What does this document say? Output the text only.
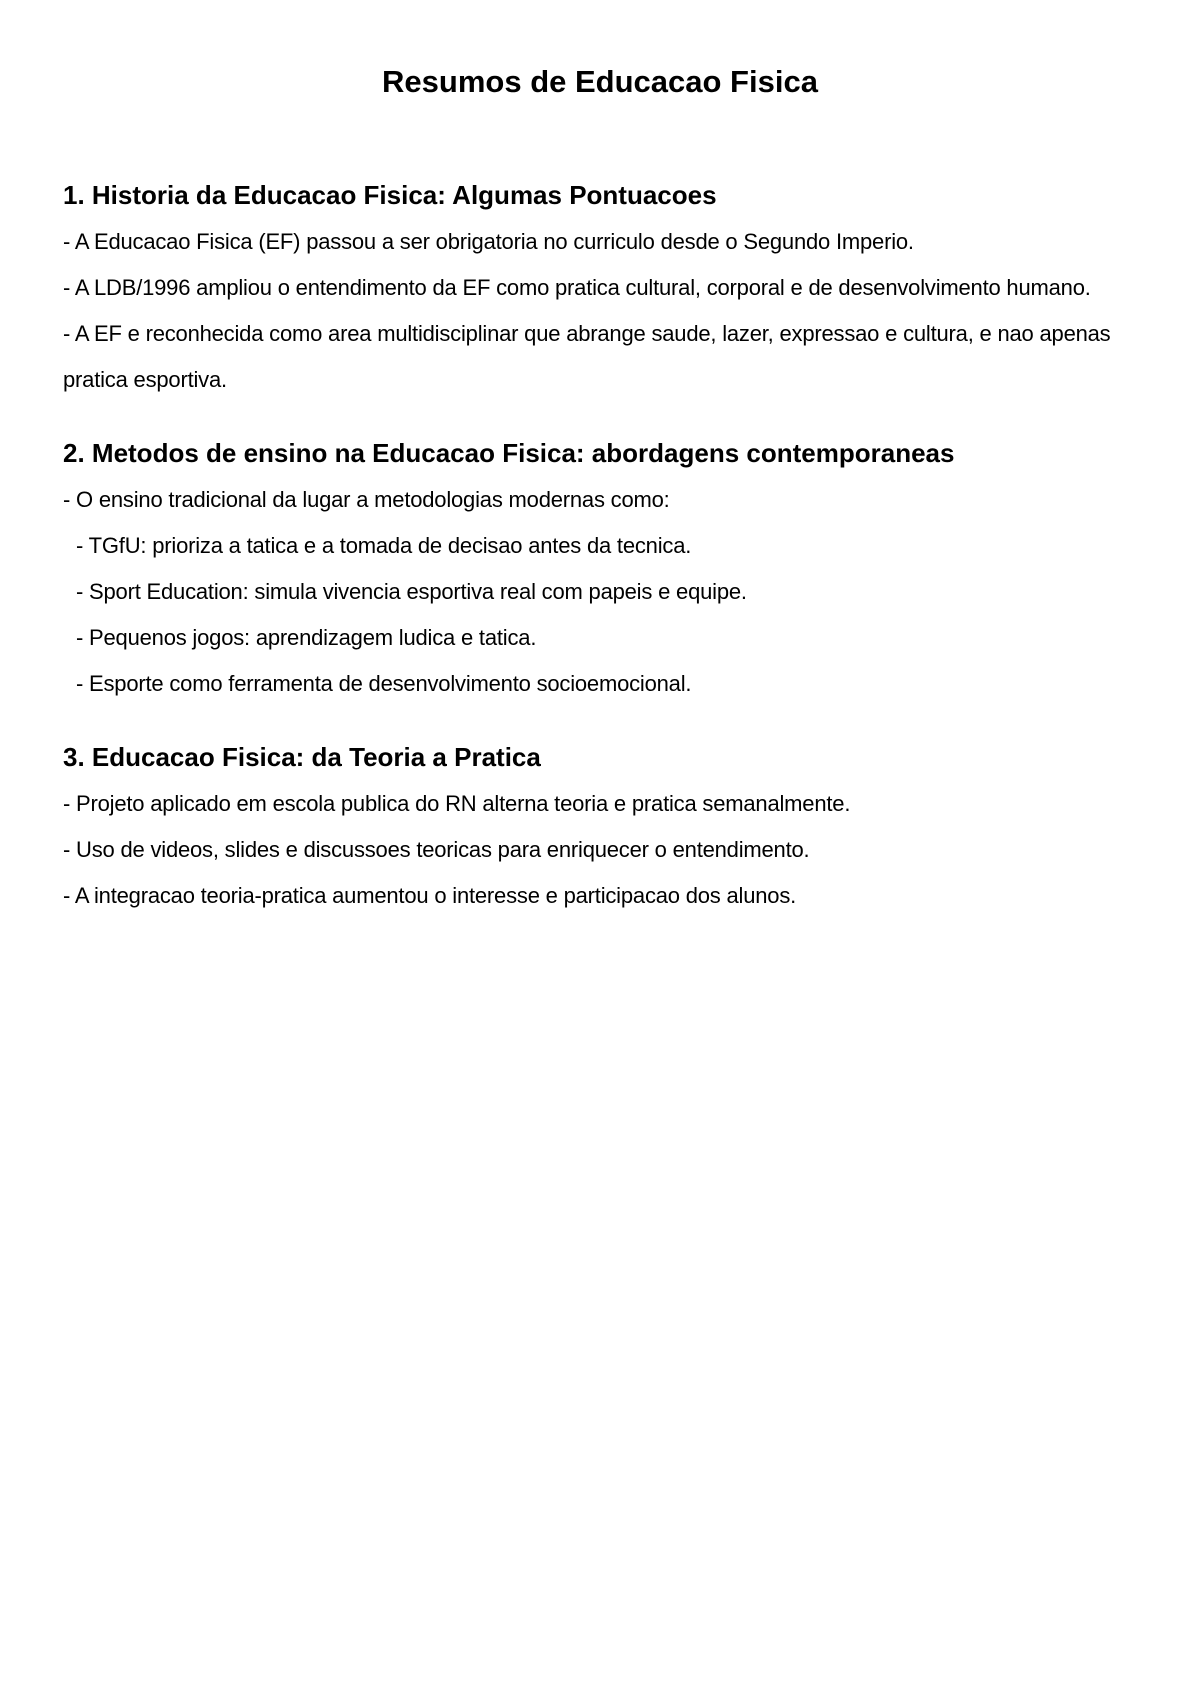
Resumos de Educacao Fisica
1. Historia da Educacao Fisica: Algumas Pontuacoes

- A Educacao Fisica (EF) passou a ser obrigatoria no curriculo desde o Segundo Imperio.

- A LDB/1996 ampliou o entendimento da EF como pratica cultural, corporal e de desenvolvimento humano.

- A EF e reconhecida como area multidisciplinar que abrange saude, lazer, expressao e cultura, e nao apenas pratica esportiva.

2. Metodos de ensino na Educacao Fisica: abordagens contemporaneas

- O ensino tradicional da lugar a metodologias modernas como:

- TGfU: prioriza a tatica e a tomada de decisao antes da tecnica.

- Sport Education: simula vivencia esportiva real com papeis e equipe.

- Pequenos jogos: aprendizagem ludica e tatica.

- Esporte como ferramenta de desenvolvimento socioemocional.

3. Educacao Fisica: da Teoria a Pratica

- Projeto aplicado em escola publica do RN alterna teoria e pratica semanalmente.

- Uso de videos, slides e discussoes teoricas para enriquecer o entendimento.

- A integracao teoria-pratica aumentou o interesse e participacao dos alunos.
